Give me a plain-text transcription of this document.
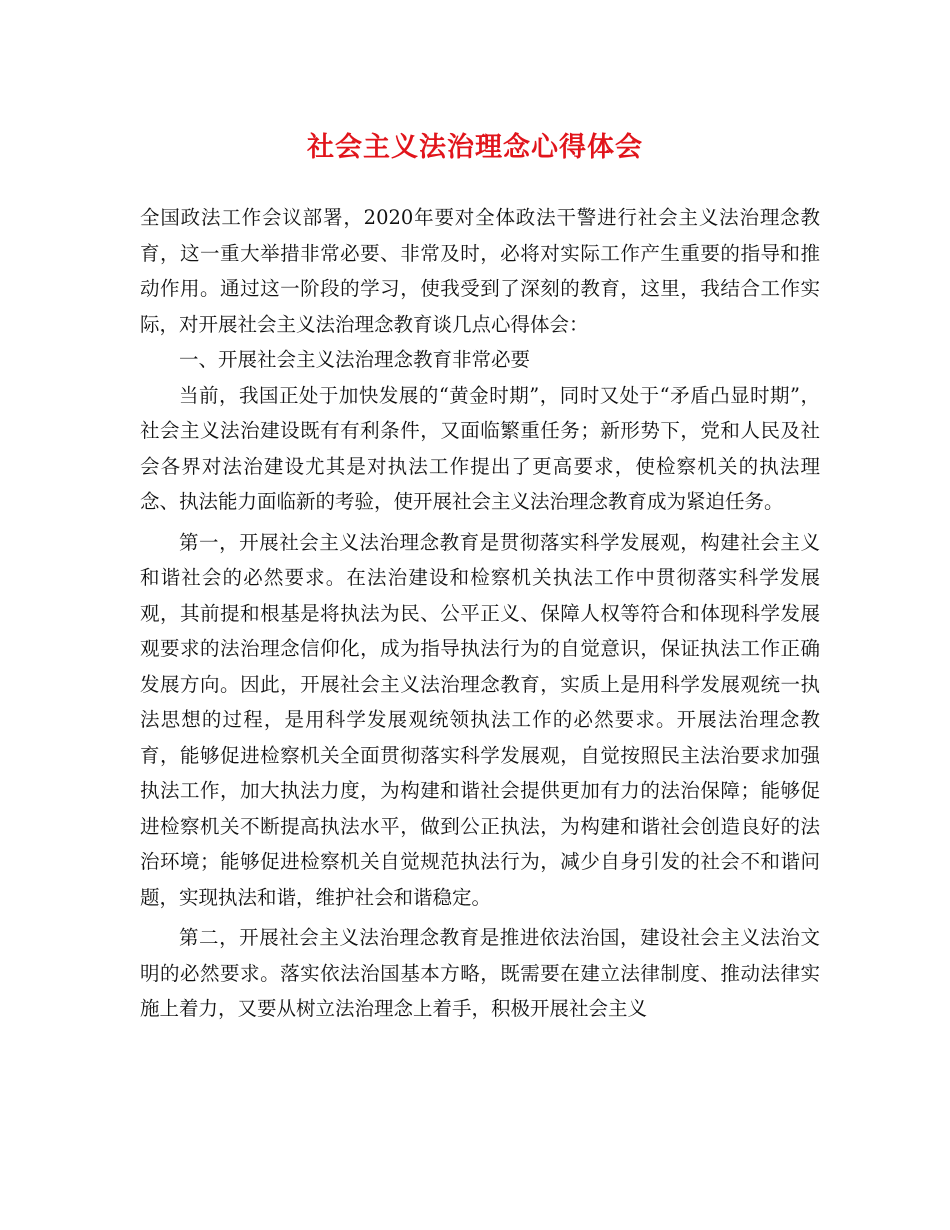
社会主义法治理念心得体会

全国政法工作会议部署，2020年要对全体政法干警进行社会主义法治理念教育，这一重大举措非常必要、非常及时，必将对实际工作产生重要的指导和推动作用。通过这一阶段的学习，使我受到了深刻的教育，这里，我结合工作实际，对开展社会主义法治理念教育谈几点心得体会：

一、开展社会主义法治理念教育非常必要

当前，我国正处于加快发展的“黄金时期”，同时又处于“矛盾凸显时期”，社会主义法治建设既有有利条件，又面临繁重任务；新形势下，党和人民及社会各界对法治建设尤其是对执法工作提出了更高要求，使检察机关的执法理念、执法能力面临新的考验，使开展社会主义法治理念教育成为紧迫任务。

第一，开展社会主义法治理念教育是贯彻落实科学发展观，构建社会主义和谐社会的必然要求。在法治建设和检察机关执法工作中贯彻落实科学发展观，其前提和根基是将执法为民、公平正义、保障人权等符合和体现科学发展观要求的法治理念信仰化，成为指导执法行为的自觉意识，保证执法工作正确发展方向。因此，开展社会主义法治理念教育，实质上是用科学发展观统一执法思想的过程，是用科学发展观统领执法工作的必然要求。开展法治理念教育，能够促进检察机关全面贯彻落实科学发展观，自觉按照民主法治要求加强执法工作，加大执法力度，为构建和谐社会提供更加有力的法治保障；能够促进检察机关不断提高执法水平，做到公正执法，为构建和谐社会创造良好的法治环境；能够促进检察机关自觉规范执法行为，减少自身引发的社会不和谐问题，实现执法和谐，维护社会和谐稳定。

第二，开展社会主义法治理念教育是推进依法治国，建设社会主义法治文明的必然要求。落实依法治国基本方略，既需要在建立法律制度、推动法律实施上着力，又要从树立法治理念上着手，积极开展社会主义
